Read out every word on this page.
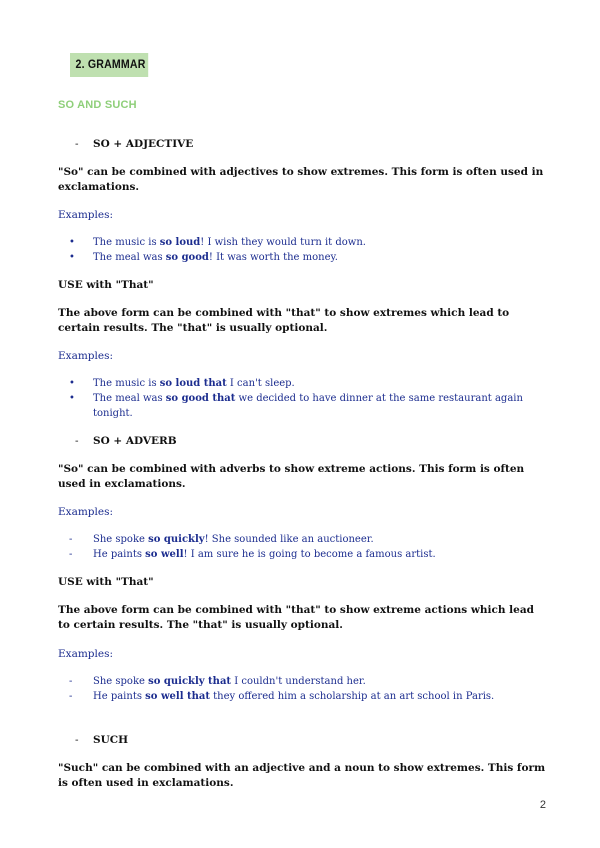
2. GRAMMAR
SO AND SUCH
- SO + ADJECTIVE
"So" can be combined with adjectives to show extremes. This form is often used in exclamations.
Examples:
• The music is so loud! I wish they would turn it down.
• The meal was so good! It was worth the money.
USE with "That"
The above form can be combined with "that" to show extremes which lead to certain results. The "that" is usually optional.
Examples:
• The music is so loud that I can't sleep.
• The meal was so good that we decided to have dinner at the same restaurant again tonight.
- SO + ADVERB
"So" can be combined with adverbs to show extreme actions. This form is often used in exclamations.
Examples:
- She spoke so quickly! She sounded like an auctioneer.
- He paints so well! I am sure he is going to become a famous artist.
USE with "That"
The above form can be combined with "that" to show extreme actions which lead to certain results. The "that" is usually optional.
Examples:
- She spoke so quickly that I couldn't understand her.
- He paints so well that they offered him a scholarship at an art school in Paris.
- SUCH
"Such" can be combined with an adjective and a noun to show extremes. This form is often used in exclamations.
2
